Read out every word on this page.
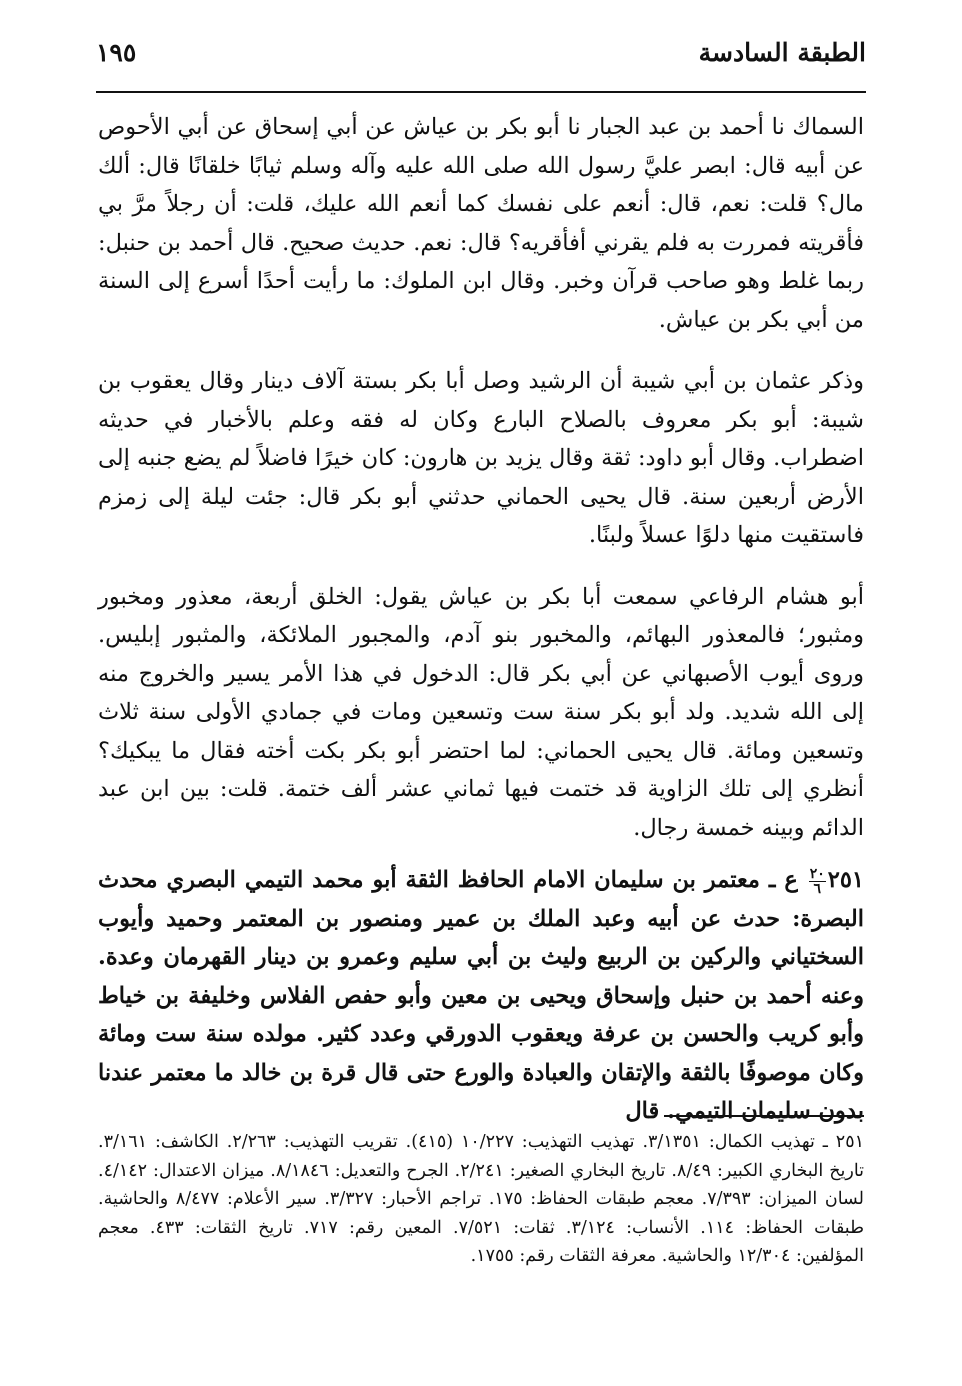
الطبقة السادسة
١٩٥

السماك نا أحمد بن عبد الجبار نا أبو بكر بن عياش عن أبي إسحاق عن أبي الأحوص عن أبيه قال: ابصر عليَّ رسول الله صلى الله عليه وآله وسلم ثيابًا خلقانًا قال: ألك مال؟ قلت: نعم، قال: أنعم على نفسك كما أنعم الله عليك، قلت: أن رجلاً مرَّ بي فأقريته فمررت به فلم يقرني أفأقريه؟ قال: نعم. حديث صحيح. قال أحمد بن حنبل: ربما غلط وهو صاحب قرآن وخبر. وقال ابن الملوك: ما رأيت أحدًا أسرع إلى السنة من أبي بكر بن عياش.

وذكر عثمان بن أبي شيبة أن الرشيد وصل أبا بكر بستة آلاف دينار وقال يعقوب بن شيبة: أبو بكر معروف بالصلاح البارع وكان له فقه وعلم بالأخبار في حديثه اضطراب. وقال أبو داود: ثقة وقال يزيد بن هارون: كان خيرًا فاضلاً لم يضع جنبه إلى الأرض أربعين سنة. قال يحيى الحماني حدثني أبو بكر قال: جئت ليلة إلى زمزم فاستقيت منها دلوًا عسلاً ولبنًا.

أبو هشام الرفاعي سمعت أبا بكر بن عياش يقول: الخلق أربعة، معذور ومخبور ومثبور؛ فالمعذور البهائم، والمخبور بنو آدم، والمجبور الملائكة، والمثبور إبليس. وروى أيوب الأصبهاني عن أبي بكر قال: الدخول في هذا الأمر يسير والخروج منه إلى الله شديد. ولد أبو بكر سنة ست وتسعين ومات في جمادي الأولى سنة ثلاث وتسعين ومائة. قال يحيى الحماني: لما احتضر أبو بكر بكت أخته فقال ما يبكيك؟ أنظري إلى تلك الزاوية قد ختمت فيها ثماني عشر ألف ختمة. قلت: بين ابن عبد الدائم وبينه خمسة رجال.

٢٥١
$\frac{٢٠}{٦}$
ع ـ معتمر بن سليمان الامام الحافظ الثقة أبو محمد التيمي البصري محدث البصرة: حدث عن أبيه وعبد الملك بن عمير ومنصور بن المعتمر وحميد وأيوب السختياني والركين بن الربيع وليث بن أبي سليم وعمرو بن دينار القهرمان وعدة. وعنه أحمد بن حنبل وإسحاق ويحيى بن معين وأبو حفص الفلاس وخليفة بن خياط وأبو كريب والحسن بن عرفة ويعقوب الدورقي وعدد كثير. مولده سنة ست ومائة وكان موصوفًا بالثقة والإتقان والعبادة والورع حتى قال قرة بن خالد ما معتمر عندنا بدون سليمان التيمي. قال

٢٥١ ـ تهذيب الكمال: ٣/١٣٥١. تهذيب التهذيب: ١٠/٢٢٧ (٤١٥). تقريب التهذيب: ٢/٢٦٣. الكاشف: ٣/١٦١. تاريخ البخاري الكبير: ٨/٤٩. تاريخ البخاري الصغير: ٢/٢٤١. الجرح والتعديل: ٨/١٨٤٦. ميزان الاعتدال: ٤/١٤٢. لسان الميزان: ٧/٣٩٣. معجم طبقات الحفاظ: ١٧٥. تراجم الأحبار: ٣/٣٢٧. سير الأعلام: ٨/٤٧٧ والحاشية. طبقات الحفاظ: ١١٤. الأنساب: ٣/١٢٤. ثقات: ٧/٥٢١. المعين رقم: ٧١٧. تاريخ الثقات: ٤٣٣. معجم المؤلفين: ١٢/٣٠٤ والحاشية. معرفة الثقات رقم: ١٧٥٥.
